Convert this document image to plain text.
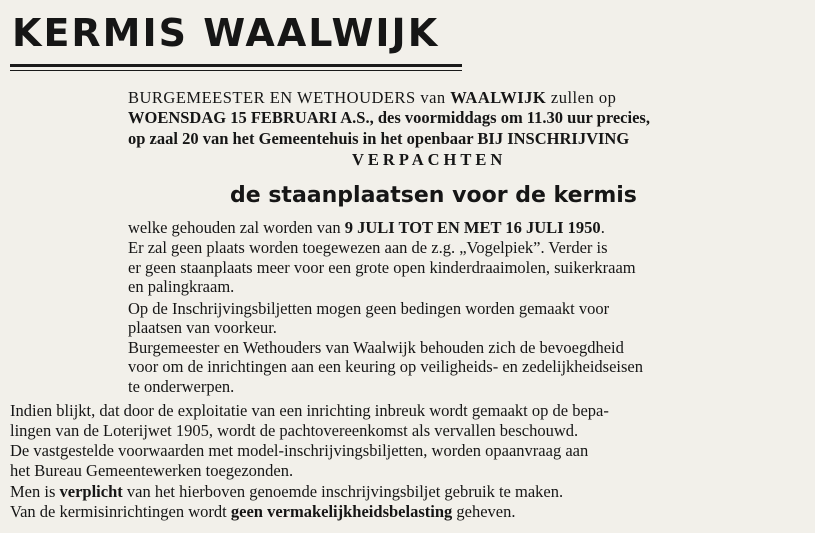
KERMIS WAALWIJK
BURGEMEESTER EN WETHOUDERS van WAALWIJK zullen op
WOENSDAG 15 FEBRUARI A.S., des voormiddags om 11.30 uur precies,
op zaal 20 van het Gemeentehuis in het openbaar BIJ INSCHRIJVING
VERPACHTEN
de staanplaatsen voor de kermis
welke gehouden zal worden van 9 JULI TOT EN MET 16 JULI 1950.
Er zal geen plaats worden toegewezen aan de z.g. „Vogelpiek”. Verder is
er geen staanplaats meer voor een grote open kinderdraaimolen, suikerkraam
en palingkraam.
Op de Inschrijvingsbiljetten mogen geen bedingen worden gemaakt voor
plaatsen van voorkeur.
Burgemeester en Wethouders van Waalwijk behouden zich de bevoegdheid
voor om de inrichtingen aan een keuring op veiligheids- en zedelijkheidseisen
te onderwerpen.
Indien blijkt, dat door de exploitatie van een inrichting inbreuk wordt gemaakt op de bepa-
lingen van de Loterijwet 1905, wordt de pachtovereenkomst als vervallen beschouwd.
De vastgestelde voorwaarden met model-inschrijvingsbiljetten, worden opaanvraag aan
het Bureau Gemeentewerken toegezonden.
Men is verplicht van het hierboven genoemde inschrijvingsbiljet gebruik te maken.
Van de kermisinrichtingen wordt geen vermakelijkheidsbelasting geheven.
